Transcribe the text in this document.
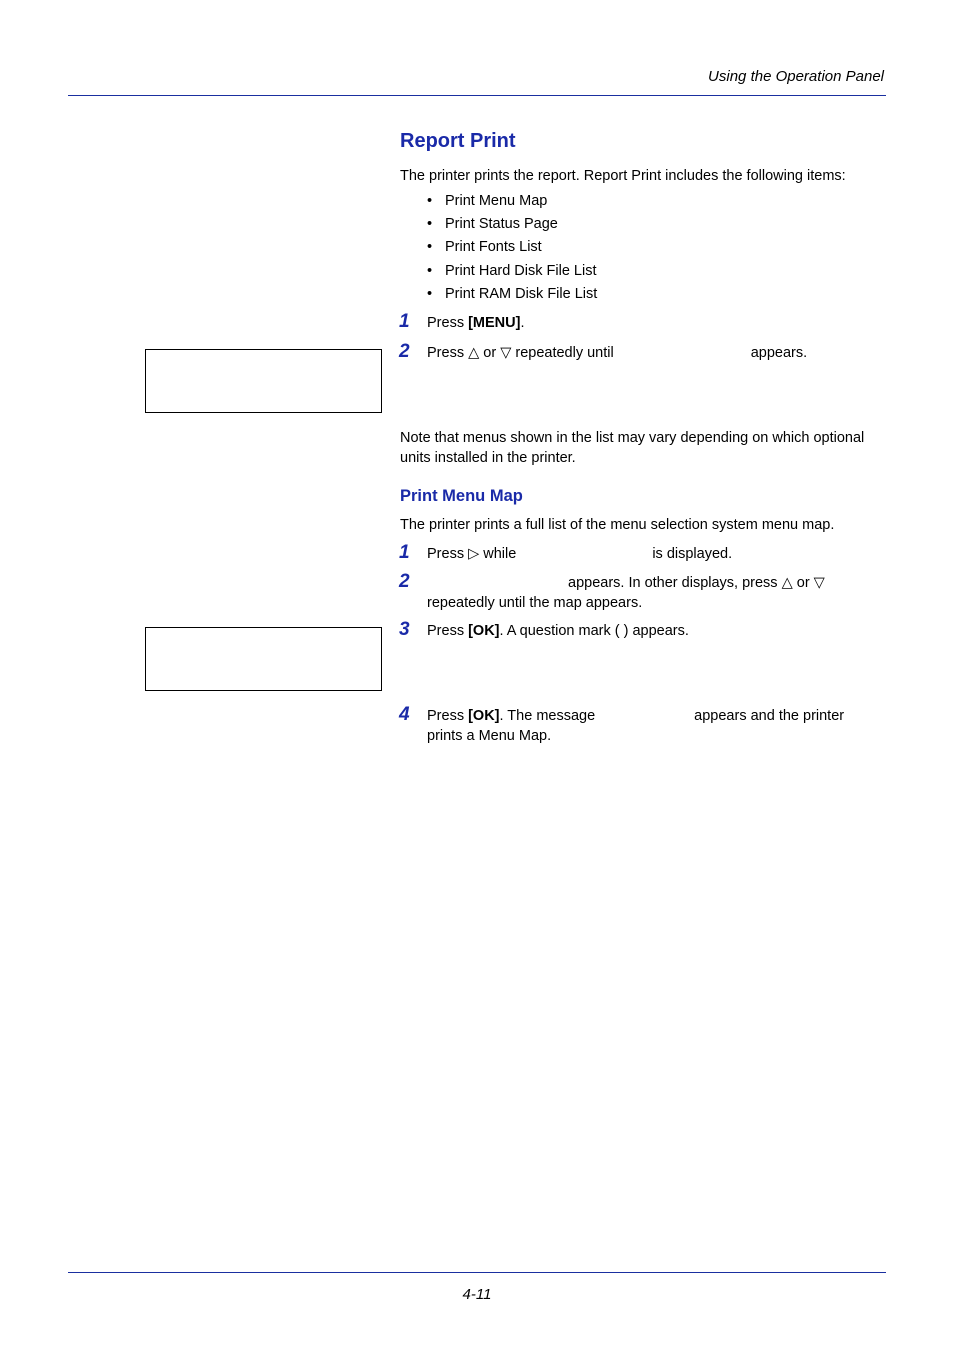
Using the Operation Panel
Report Print
The printer prints the report. Report Print includes the following items:
• Print Menu Map
• Print Status Page
• Print Fonts List
• Print Hard Disk File List
• Print RAM Disk File List
1 Press [MENU].
2 Press △ or ▽ repeatedly until	appears.
Note that menus shown in the list may vary depending on which optional units installed in the printer.
Print Menu Map
The printer prints a full list of the menu selection system menu map.
1 Press ▷ while	is displayed.
2	appears. In other displays, press △ or ▽
repeatedly until the map appears.
3 Press [OK]. A question mark ( ) appears.
4 Press [OK]. The message	appears and the printer
prints a Menu Map.
4-11
